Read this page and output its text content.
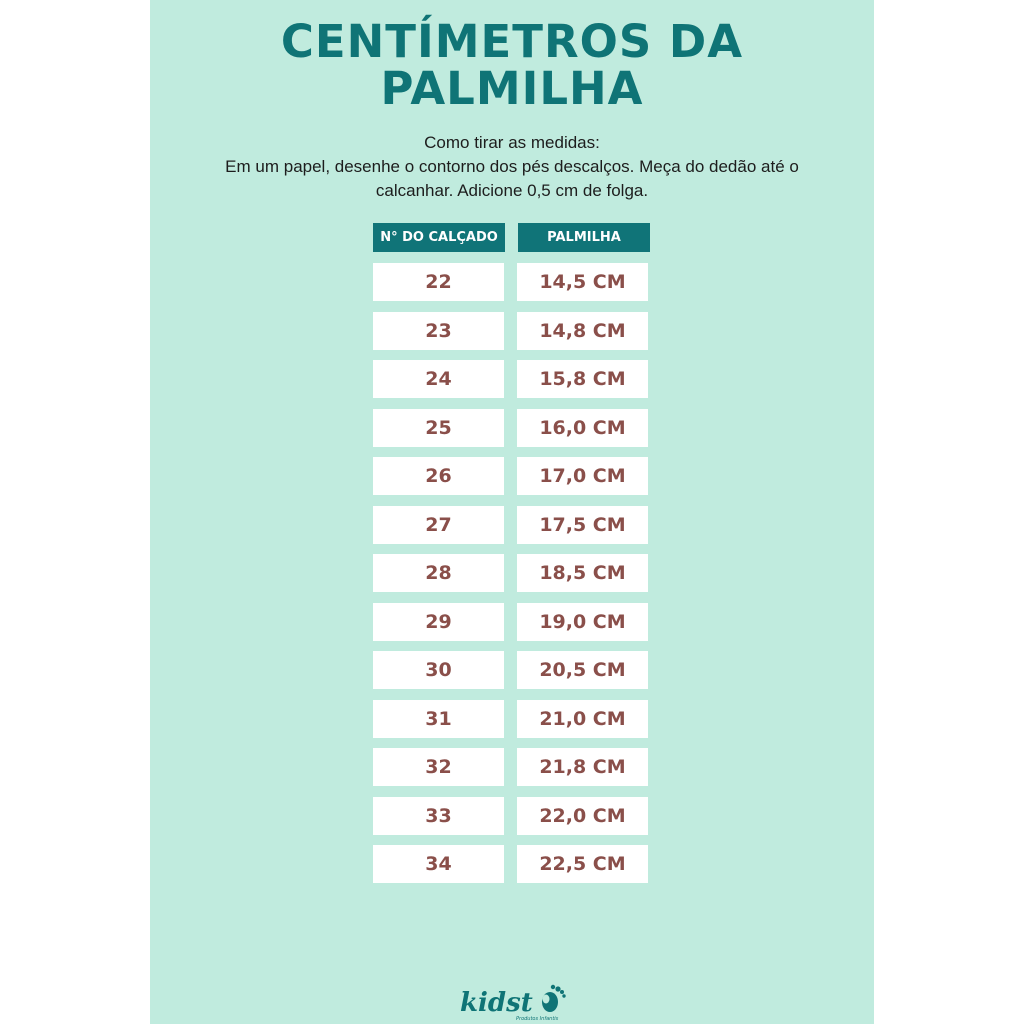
CENTÍMETROS DA
PALMILHA

Como tirar as medidas:
Em um papel, desenhe o contorno dos pés descalços. Meça do dedão até o
calcanhar. Adicione 0,5 cm de folga.

N° DO CALÇADO	PALMILHA
22	14,5 CM
23	14,8 CM
24	15,8 CM
25	16,0 CM
26	17,0 CM
27	17,5 CM
28	18,5 CM
29	19,0 CM
30	20,5 CM
31	21,0 CM
32	21,8 CM
33	22,0 CM
34	22,5 CM
kidst
Produtos Infantis
